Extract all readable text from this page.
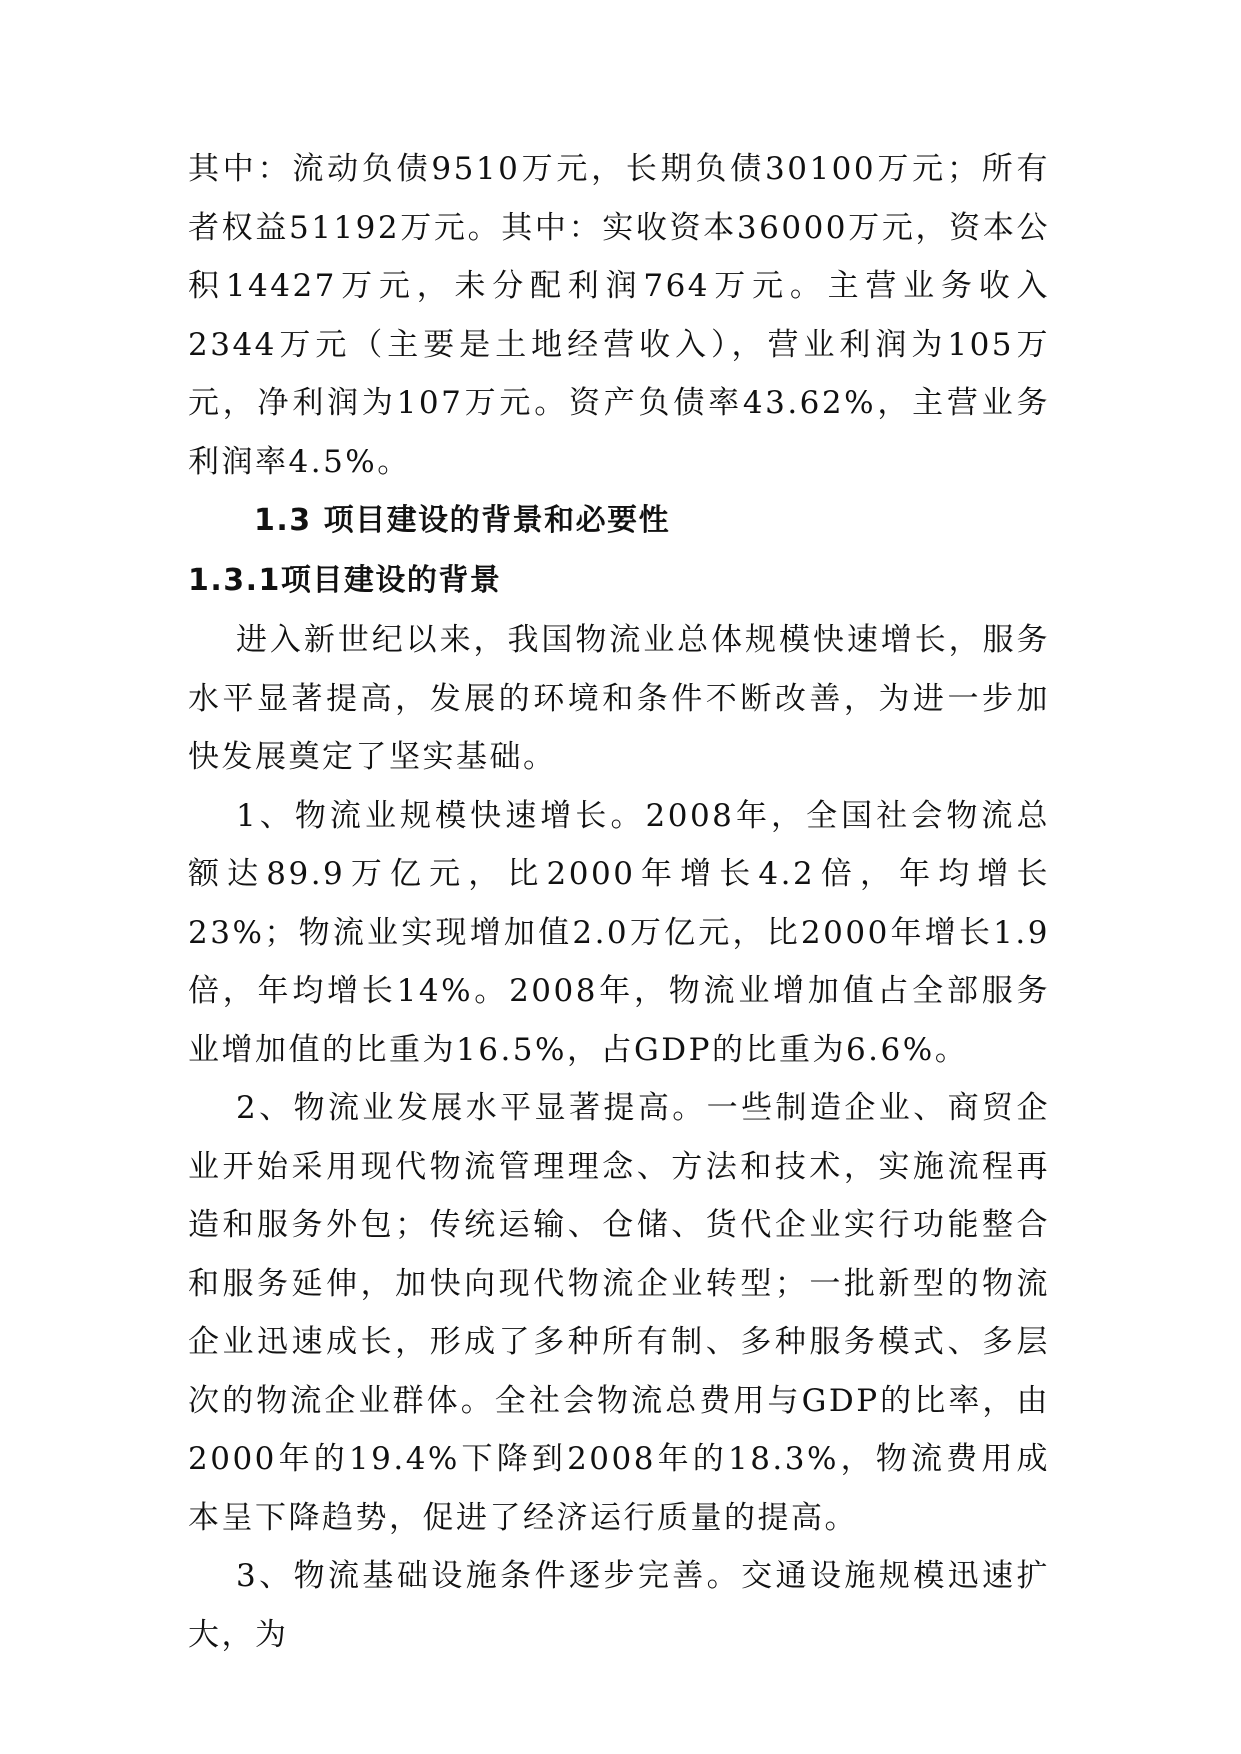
其中：流动负债9510万元，长期负债30100万元；所有者权益51192万元。其中：实收资本36000万元，资本公积14427万元，未分配利润764万元。主营业务收入2344万元（主要是土地经营收入），营业利润为105万元，净利润为107万元。资产负债率43.62%，主营业务利润率4.5%。

1.3 项目建设的背景和必要性

1.3.1项目建设的背景

进入新世纪以来，我国物流业总体规模快速增长，服务水平显著提高，发展的环境和条件不断改善，为进一步加快发展奠定了坚实基础。

1、物流业规模快速增长。2008年，全国社会物流总额达89.9万亿元，比2000年增长4.2倍，年均增长23%；物流业实现增加值2.0万亿元，比2000年增长1.9倍，年均增长14%。2008年，物流业增加值占全部服务业增加值的比重为16.5%，占GDP的比重为6.6%。

2、物流业发展水平显著提高。一些制造企业、商贸企业开始采用现代物流管理理念、方法和技术，实施流程再造和服务外包；传统运输、仓储、货代企业实行功能整合和服务延伸，加快向现代物流企业转型；一批新型的物流企业迅速成长，形成了多种所有制、多种服务模式、多层次的物流企业群体。全社会物流总费用与GDP的比率，由2000年的19.4%下降到2008年的18.3%，物流费用成本呈下降趋势，促进了经济运行质量的提高。

3、物流基础设施条件逐步完善。交通设施规模迅速扩大，为
